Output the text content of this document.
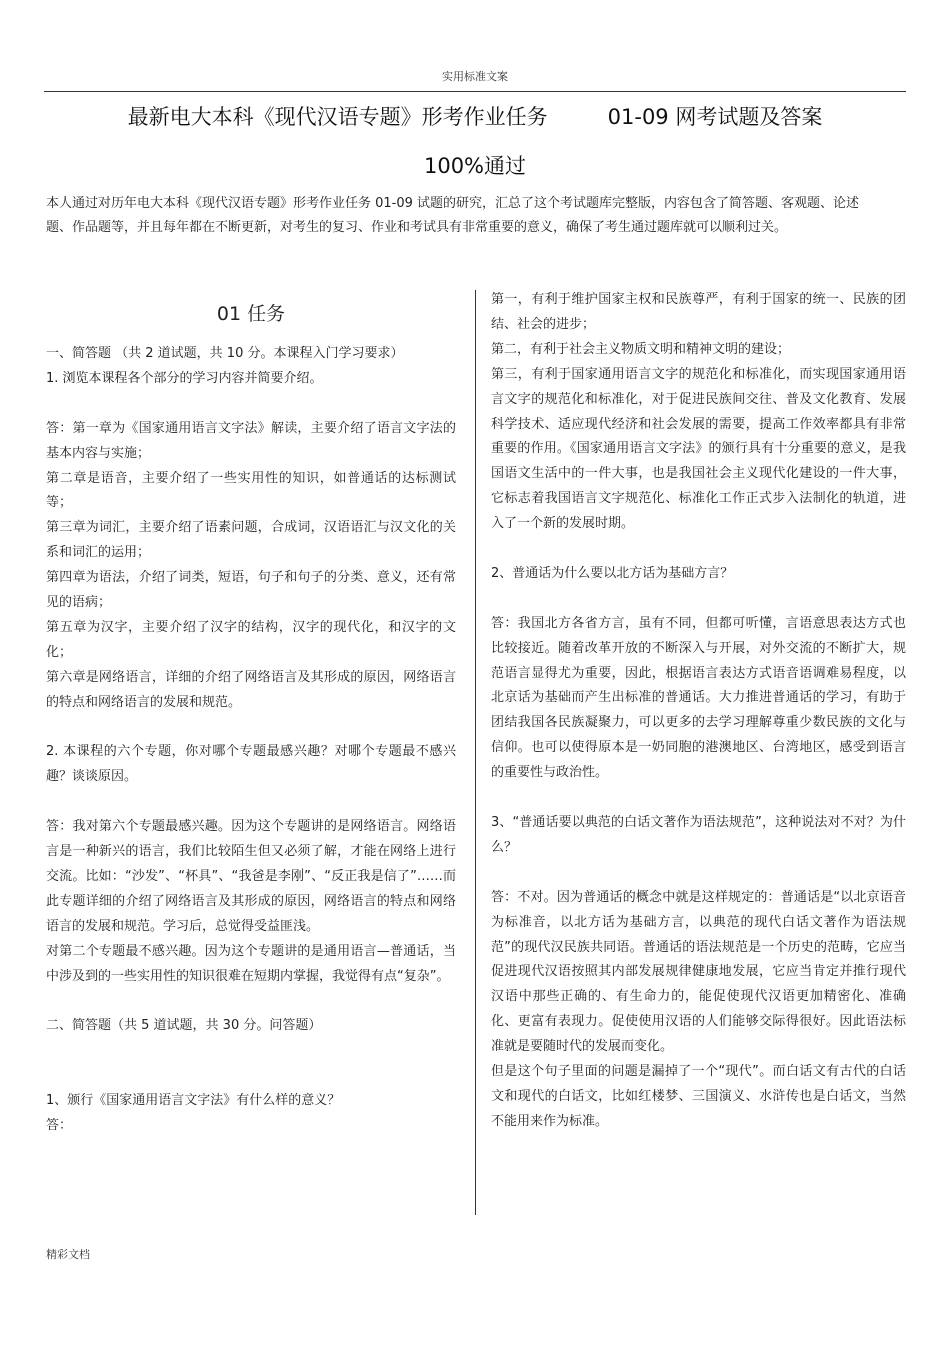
实用标准文案
最新电大本科《现代汉语专题》形考作业任务	01-09 网考试题及答案
100%通过

本人通过对历年电大本科《现代汉语专题》形考作业任务 01-09 试题的研究，汇总了这个考试题库完整版，内容包含了简答题、客观题、论述题、作品题等，并且每年都在不断更新，对考生的复习、作业和考试具有非常重要的意义，确保了考生通过题库就可以顺利过关。

01 任务

一、简答题 （共 2 道试题，共 10 分。本课程入门学习要求）

1. 浏览本课程各个部分的学习内容并简要介绍。

答：第一章为《国家通用语言文字法》解读，主要介绍了语言文字法的基本内容与实施；

第二章是语音，主要介绍了一些实用性的知识，如普通话的达标测试等；

第三章为词汇，主要介绍了语素问题，合成词，汉语语汇与汉文化的关系和词汇的运用；

第四章为语法，介绍了词类，短语，句子和句子的分类、意义，还有常见的语病；

第五章为汉字，主要介绍了汉字的结构，汉字的现代化，和汉字的文化；

第六章是网络语言，详细的介绍了网络语言及其形成的原因，网络语言的特点和网络语言的发展和规范。

2. 本课程的六个专题，你对哪个专题最感兴趣？对哪个专题最不感兴趣？谈谈原因。

答：我对第六个专题最感兴趣。因为这个专题讲的是网络语言。网络语言是一种新兴的语言，我们比较陌生但又必须了解，才能在网络上进行交流。比如：“沙发”、“杯具”、“我爸是李刚”、“反正我是信了”……而此专题详细的介绍了网络语言及其形成的原因，网络语言的特点和网络语言的发展和规范。学习后，总觉得受益匪浅。

对第二个专题最不感兴趣。因为这个专题讲的是通用语言—普通话，当中涉及到的一些实用性的知识很难在短期内掌握，我觉得有点“复杂”。

二、简答题（共 5 道试题，共 30 分。问答题）

1、颁行《国家通用语言文字法》有什么样的意义？

答：

第一，有利于维护国家主权和民族尊严，有利于国家的统一、民族的团结、社会的进步；

第二，有利于社会主义物质文明和精神文明的建设；

第三，有利于国家通用语言文字的规范化和标准化，而实现国家通用语言文字的规范化和标准化，对于促进民族间交往、普及文化教育、发展科学技术、适应现代经济和社会发展的需要，提高工作效率都具有非常重要的作用。《国家通用语言文字法》的颁行具有十分重要的意义，是我国语文生活中的一件大事，也是我国社会主义现代化建设的一件大事，它标志着我国语言文字规范化、标准化工作正式步入法制化的轨道，进入了一个新的发展时期。

2、普通话为什么要以北方话为基础方言？

答：我国北方各省方言，虽有不同，但都可听懂，言语意思表达方式也比较接近。随着改革开放的不断深入与开展，对外交流的不断扩大，规范语言显得尤为重要，因此，根据语言表达方式语音语调难易程度，以北京话为基础而产生出标准的普通话。大力推进普通话的学习，有助于团结我国各民族凝聚力，可以更多的去学习理解尊重少数民族的文化与信仰。也可以使得原本是一奶同胞的港澳地区、台湾地区，感受到语言的重要性与政治性。

3、“普通话要以典范的白话文著作为语法规范”，这种说法对不对？为什么？

答：不对。因为普通话的概念中就是这样规定的：普通话是“以北京语音为标准音，以北方话为基础方言，以典范的现代白话文著作为语法规范”的现代汉民族共同语。普通话的语法规范是一个历史的范畴，它应当促进现代汉语按照其内部发展规律健康地发展，它应当肯定并推行现代汉语中那些正确的、有生命力的，能促使现代汉语更加精密化、准确化、更富有表现力。促使使用汉语的人们能够交际得很好。因此语法标准就是要随时代的发展而变化。

但是这个句子里面的问题是漏掉了一个“现代”。而白话文有古代的白话文和现代的白话文，比如红楼梦、三国演义、水浒传也是白话文，当然不能用来作为标准。

精彩文档
